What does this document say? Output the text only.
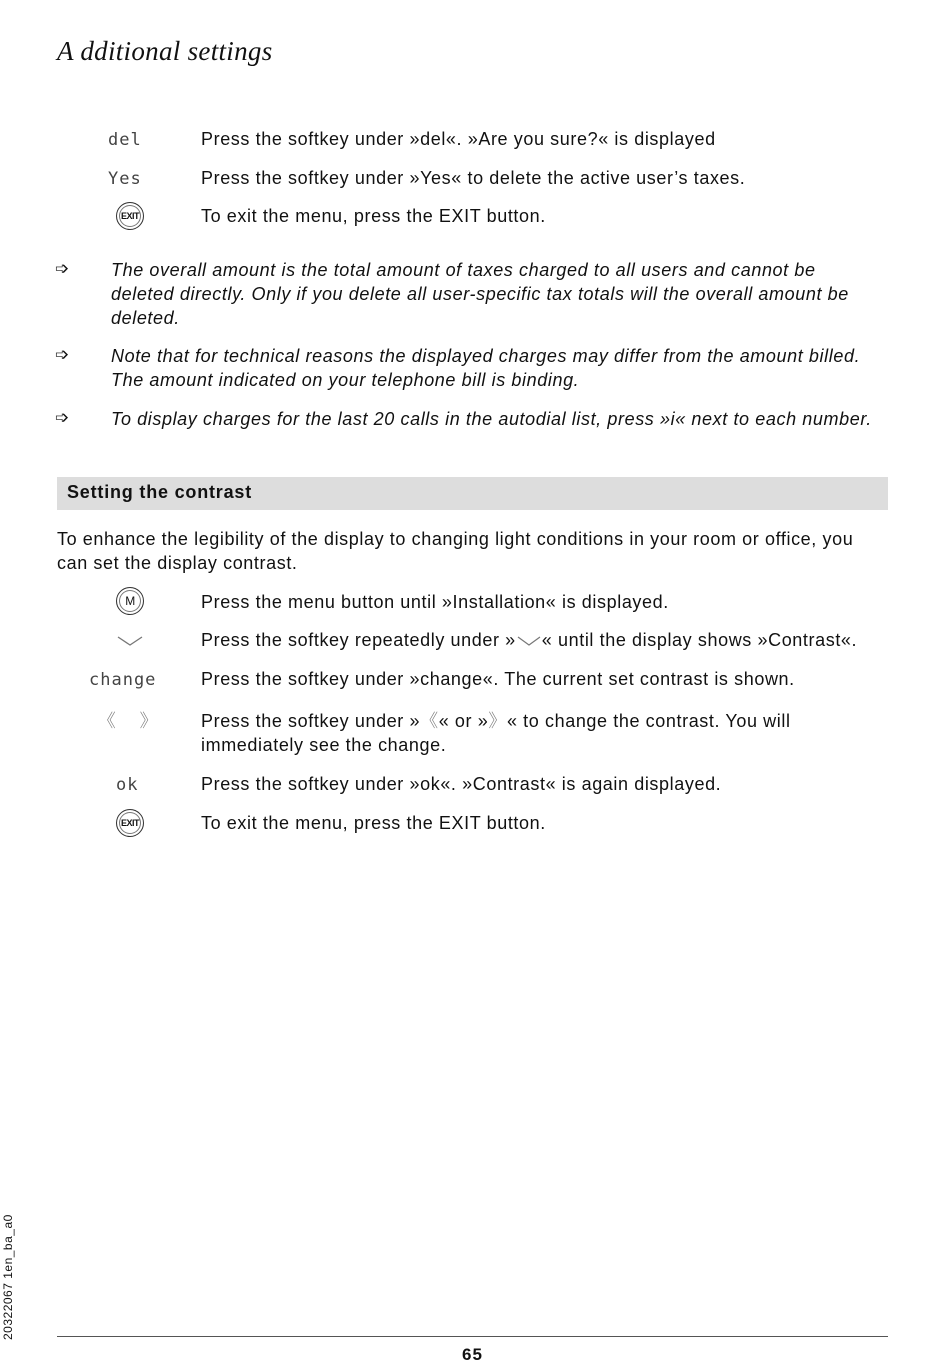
A dditional settings
del	Press the softkey under »del«. »Are you sure?« is displayed
Yes	Press the softkey under »Yes« to delete the active user’s taxes.
EXIT	To exit the menu, press the EXIT button.
➩ The overall amount is the total amount of taxes charged to all users and cannot be deleted directly. Only if you delete all user-specific tax totals will the overall amount be deleted.
➩ Note that for technical reasons the displayed charges may differ from the amount billed. The amount indicated on your telephone bill is binding.
➩ To display charges for the last 20 calls in the autodial list, press »i« next to each number.
Setting the contrast
To enhance the legibility of the display to changing light conditions in your room or office, you can set the display contrast.
M	Press the menu button until »Installation« is displayed.
Press the softkey repeatedly under » « until the display shows »Contrast«.
change	Press the softkey under »change«. The current set contrast is shown.
《 》	Press the softkey under »《« or »》« to change the contrast. You will immediately see the change.
ok	Press the softkey under »ok«. »Contrast« is again displayed.
EXIT	To exit the menu, press the EXIT button.
20322067 1en_ba_a0
65
